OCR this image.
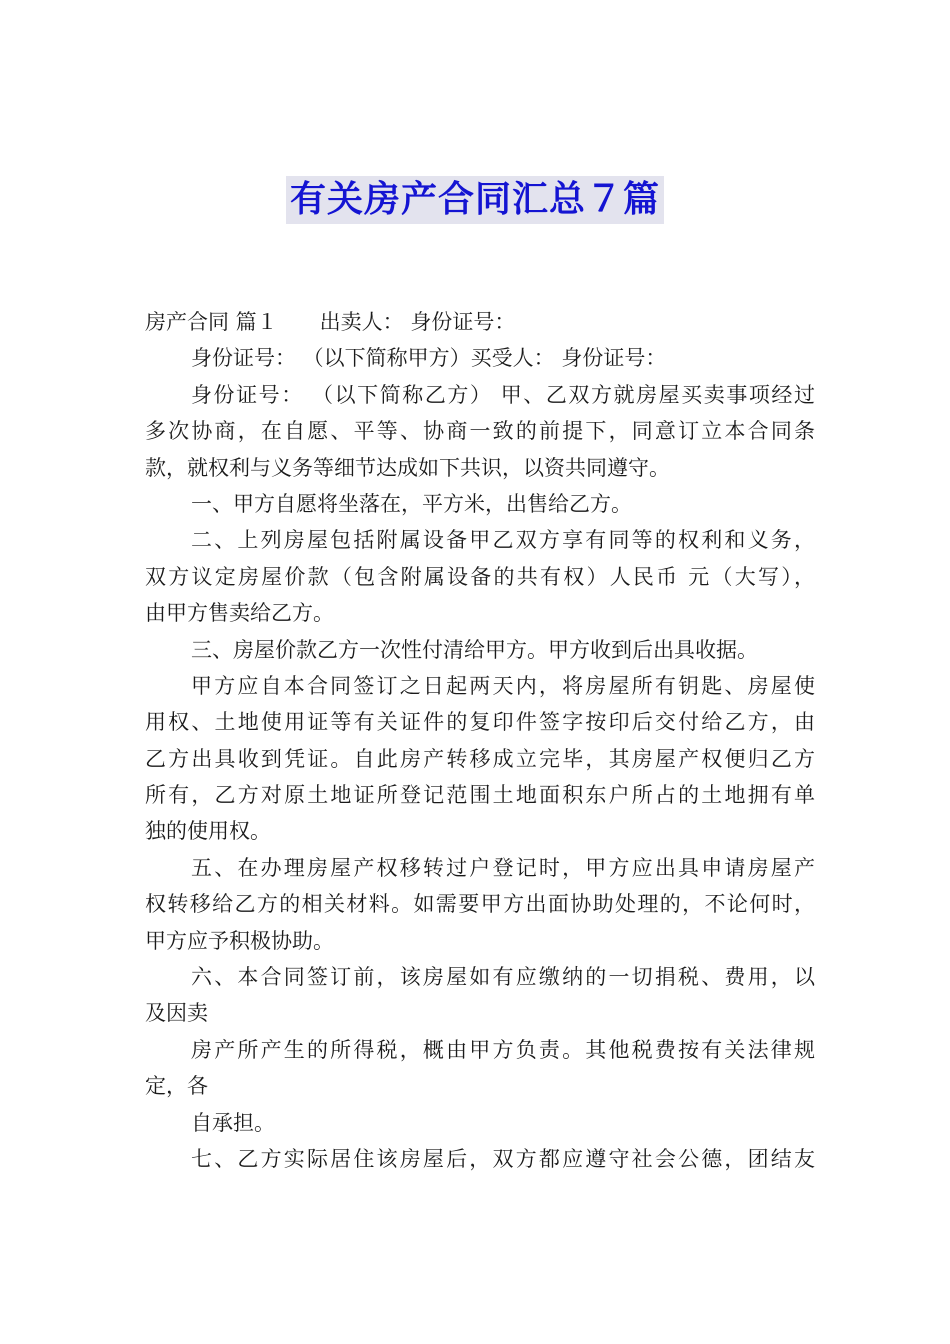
有关房产合同汇总７篇
房产合同 篇１　　出卖人： 身份证号：
身份证号： （以下简称甲方）买受人： 身份证号：
身份证号： （以下简称乙方） 甲、乙双方就房屋买卖事项经过
多次协商，在自愿、平等、协商一致的前提下，同意订立本合同条
款，就权利与义务等细节达成如下共识，以资共同遵守。
一、甲方自愿将坐落在，平方米，出售给乙方。
二、上列房屋包括附属设备甲乙双方享有同等的权利和义务，
双方议定房屋价款（包含附属设备的共有权）人民币 元（大写），
由甲方售卖给乙方。
三、房屋价款乙方一次性付清给甲方。甲方收到后出具收据。
甲方应自本合同签订之日起两天内，将房屋所有钥匙、房屋使
用权、土地使用证等有关证件的复印件签字按印后交付给乙方，由
乙方出具收到凭证。自此房产转移成立完毕，其房屋产权便归乙方
所有，乙方对原土地证所登记范围土地面积东户所占的土地拥有单
独的使用权。
五、在办理房屋产权移转过户登记时，甲方应出具申请房屋产
权转移给乙方的相关材料。如需要甲方出面协助处理的，不论何时，
甲方应予积极协助。
六、本合同签订前，该房屋如有应缴纳的一切捐税、费用，以
及因卖
房产所产生的所得税，概由甲方负责。其他税费按有关法律规
定，各
自承担。
七、乙方实际居住该房屋后，双方都应遵守社会公德，团结友
